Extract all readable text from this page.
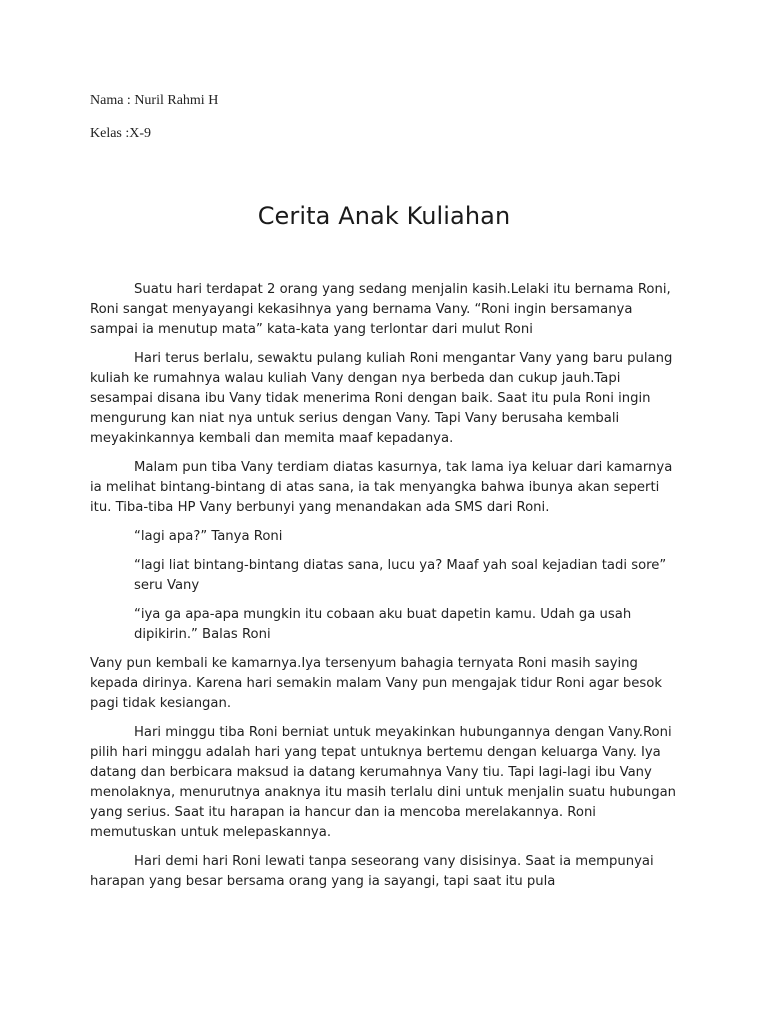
Nama : Nuril Rahmi H
Kelas :X-9
Cerita Anak Kuliahan

Suatu hari terdapat 2 orang yang sedang menjalin kasih.Lelaki itu bernama Roni, Roni sangat menyayangi kekasihnya yang bernama Vany. “Roni ingin bersamanya sampai ia menutup mata” kata-kata yang terlontar dari mulut Roni

Hari terus berlalu, sewaktu pulang kuliah Roni mengantar Vany yang baru pulang kuliah ke rumahnya walau kuliah Vany dengan nya berbeda dan cukup jauh.Tapi sesampai disana ibu Vany tidak menerima Roni dengan baik. Saat itu pula Roni ingin mengurung kan niat nya untuk serius dengan Vany. Tapi Vany berusaha kembali meyakinkannya kembali dan memita maaf kepadanya.

Malam pun tiba Vany terdiam diatas kasurnya, tak lama iya keluar dari kamarnya ia melihat bintang-bintang di atas sana, ia tak menyangka bahwa ibunya akan seperti itu. Tiba-tiba HP Vany berbunyi yang menandakan ada SMS dari Roni.

“lagi apa?” Tanya Roni

“lagi liat bintang-bintang diatas sana, lucu ya? Maaf yah soal kejadian tadi sore” seru Vany

“iya ga apa-apa mungkin itu cobaan aku buat dapetin kamu. Udah ga usah dipikirin.” Balas Roni

Vany pun kembali ke kamarnya.Iya tersenyum bahagia ternyata Roni masih saying kepada dirinya. Karena hari semakin malam Vany pun mengajak tidur Roni agar besok pagi tidak kesiangan.

Hari minggu tiba Roni berniat untuk meyakinkan hubungannya dengan Vany.Roni pilih hari minggu adalah hari yang tepat untuknya bertemu dengan keluarga Vany. Iya datang dan berbicara maksud ia datang kerumahnya Vany tiu. Tapi lagi-lagi ibu Vany menolaknya, menurutnya anaknya itu masih terlalu dini untuk menjalin suatu hubungan yang serius. Saat itu harapan ia hancur dan ia mencoba merelakannya. Roni memutuskan untuk melepaskannya.

Hari demi hari Roni lewati tanpa seseorang vany disisinya. Saat ia mempunyai harapan yang besar bersama orang yang ia sayangi, tapi saat itu pula
